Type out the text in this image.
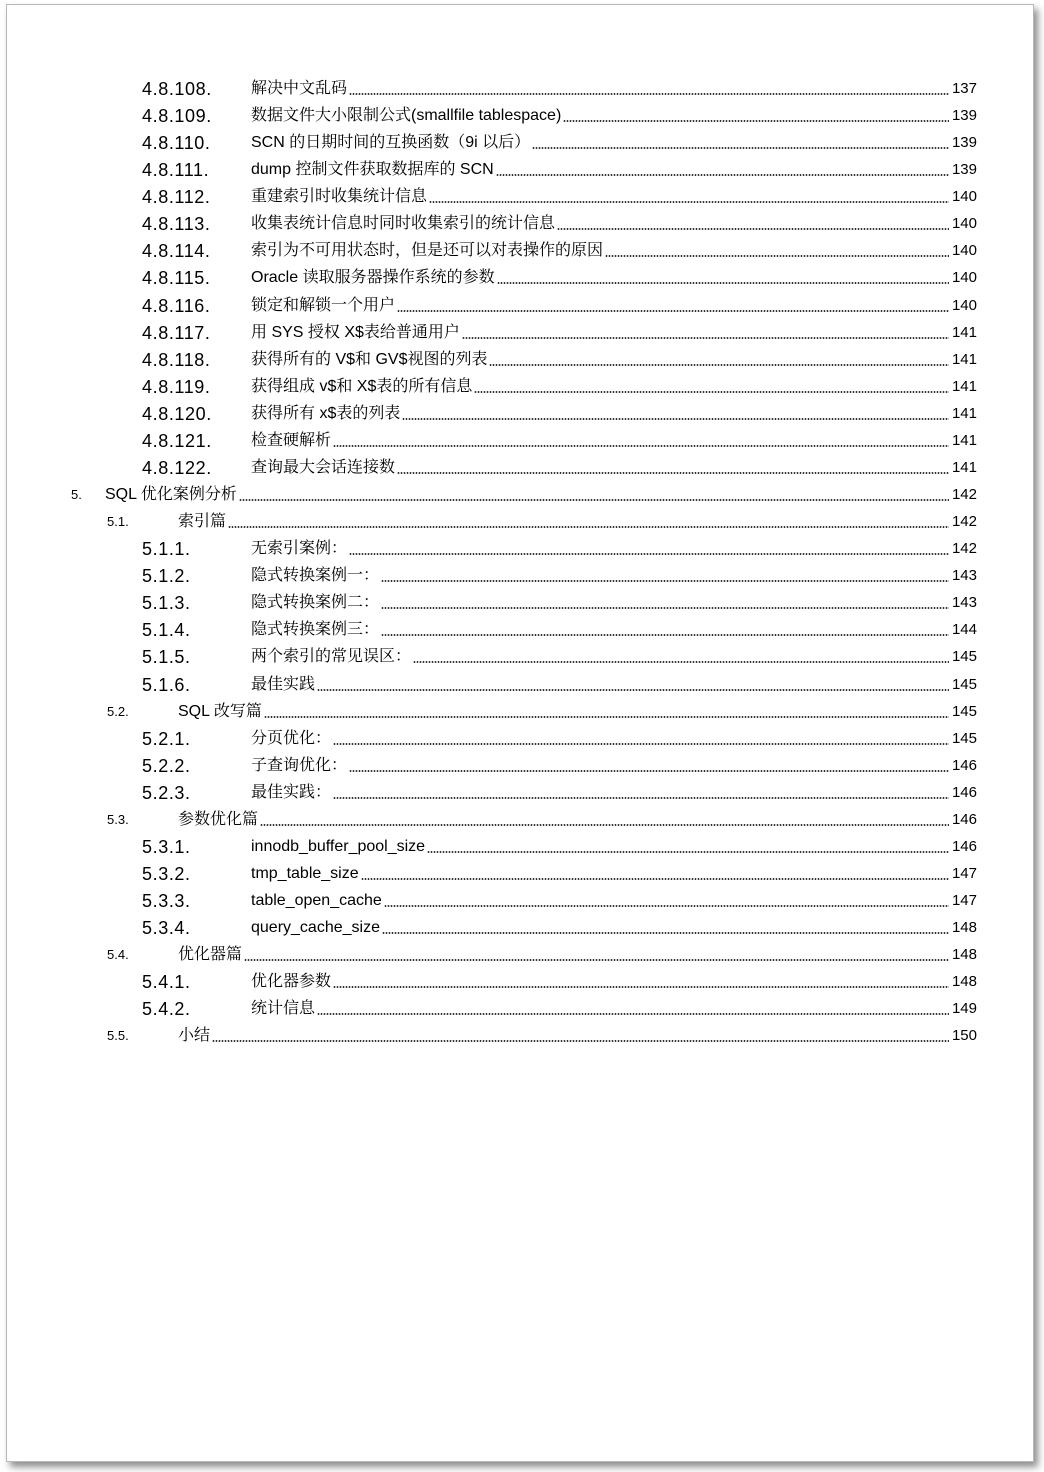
4.8.108. 解决中文乱码	137
4.8.109. 数据文件大小限制公式(smallfile tablespace)	139
4.8.110.	SCN 的日期时间的互换函数（9i 以后）	139
4.8.111.	dump 控制文件获取数据库的 SCN	139
4.8.112.	重建索引时收集统计信息	140
4.8.113.	收集表统计信息时同时收集索引的统计信息	140
4.8.114.	索引为不可用状态时，但是还可以对表操作的原因	140
4.8.115.	Oracle 读取服务器操作系统的参数	140
4.8.116.	锁定和解锁一个用户	140
4.8.117.	用 SYS 授权 X$表给普通用户	141
4.8.118.	获得所有的 V$和 GV$视图的列表	141
4.8.119.	获得组成 v$和 X$表的所有信息	141
4.8.120. 获得所有 x$表的列表	141
4.8.121. 检查硬解析	141
4.8.122. 查询最大会话连接数	141
5. SQL 优化案例分析	142
5.1.	索引篇	142
5.1.1.	无索引案例：	142
5.1.2.	隐式转换案例一：	143
5.1.3.	隐式转换案例二：	143
5.1.4.	隐式转换案例三：	144
5.1.5.	两个索引的常见误区：	145
5.1.6.	最佳实践	145
5.2.	SQL 改写篇	145
5.2.1.	分页优化：	145
5.2.2.	子查询优化：	146
5.2.3.	最佳实践：	146
5.3.	参数优化篇	146
5.3.1.	innodb_buffer_pool_size	146
5.3.2.	tmp_table_size	147
5.3.3.	table_open_cache	147
5.3.4.	query_cache_size	148
5.4.	优化器篇	148
5.4.1.	优化器参数	148
5.4.2.	统计信息	149
5.5.	小结	150
